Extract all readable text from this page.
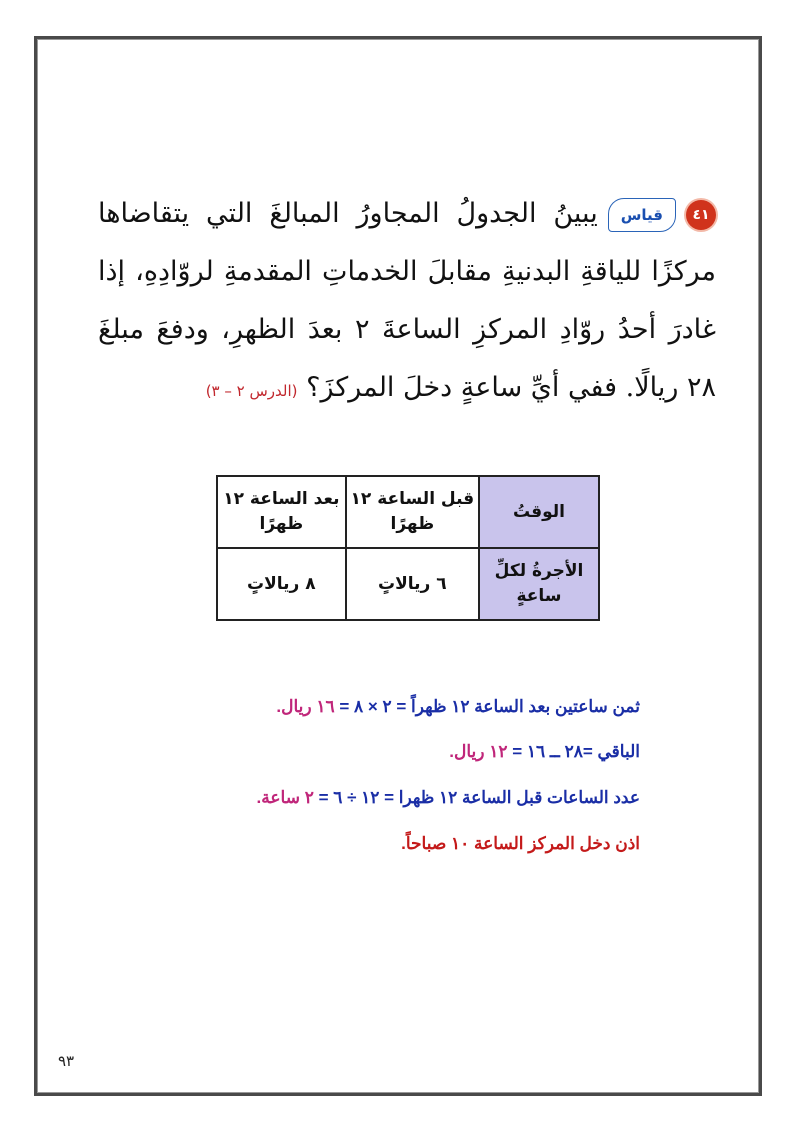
٤١قياسيبينُ الجدولُ المجاورُ المبالغَ التي يتقاضاها مركزًا للياقةِ البدنيةِ مقابلَ الخدماتِ المقدمةِ لروّادِهِ، إذا غادرَ أحدُ روّادِ المركزِ الساعةَ ٢ بعدَ الظهرِ، ودفعَ مبلغَ ٢٨ ريالًا. ففي أيِّ ساعةٍ دخلَ المركزَ؟ (الدرس ٢ – ٣)
الوقتُ	قبل الساعة ١٢ ظهرًا	بعد الساعة ١٢ ظهرًا
الأجرةُ لكلِّ ساعةٍ	٦ ريالاتٍ	٨ ريالاتٍ
ثمن ساعتين بعد الساعة ١٢ ظهراً = ٢ × ٨ = ١٦ ريال.
الباقي =٢٨ ــ ١٦ = ١٢ ريال.
عدد الساعات قبل الساعة ١٢ ظهرا = ١٢ ÷ ٦ = ٢ ساعة.
اذن دخل المركز الساعة ١٠ صباحاً.
٩٣
